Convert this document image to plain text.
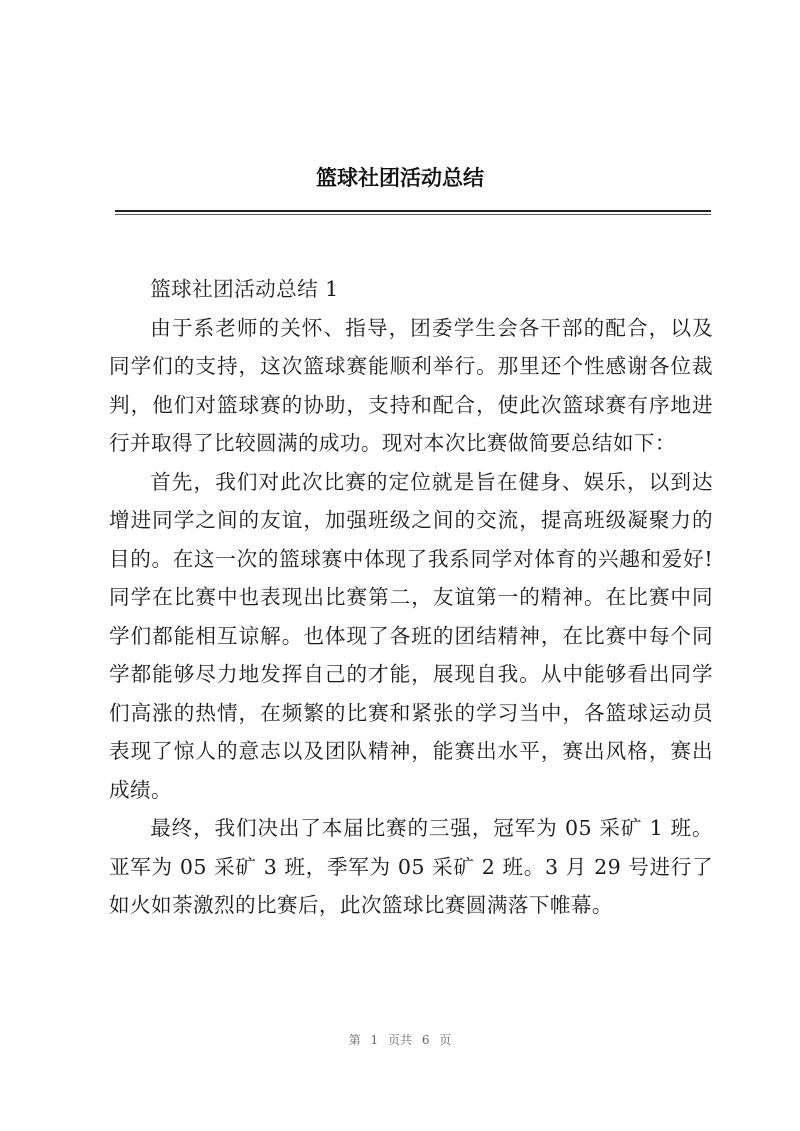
篮球社团活动总结

篮球社团活动总结 1

由于系老师的关怀、指导，团委学生会各干部的配合，以及同学们的支持，这次篮球赛能顺利举行。那里还个性感谢各位裁判，他们对篮球赛的协助，支持和配合，使此次篮球赛有序地进行并取得了比较圆满的成功。现对本次比赛做简要总结如下：

首先，我们对此次比赛的定位就是旨在健身、娱乐，以到达增进同学之间的友谊，加强班级之间的交流，提高班级凝聚力的目的。在这一次的篮球赛中体现了我系同学对体育的兴趣和爱好!同学在比赛中也表现出比赛第二，友谊第一的精神。在比赛中同学们都能相互谅解。也体现了各班的团结精神，在比赛中每个同学都能够尽力地发挥自己的才能，展现自我。从中能够看出同学们高涨的热情，在频繁的比赛和紧张的学习当中，各篮球运动员表现了惊人的意志以及团队精神，能赛出水平，赛出风格，赛出成绩。

最终，我们决出了本届比赛的三强，冠军为 05 采矿 1 班。亚军为 05 采矿 3 班，季军为 05 采矿 2 班。3 月 29 号进行了如火如荼激烈的比赛后，此次篮球比赛圆满落下帷幕。

第 1 页共 6 页
